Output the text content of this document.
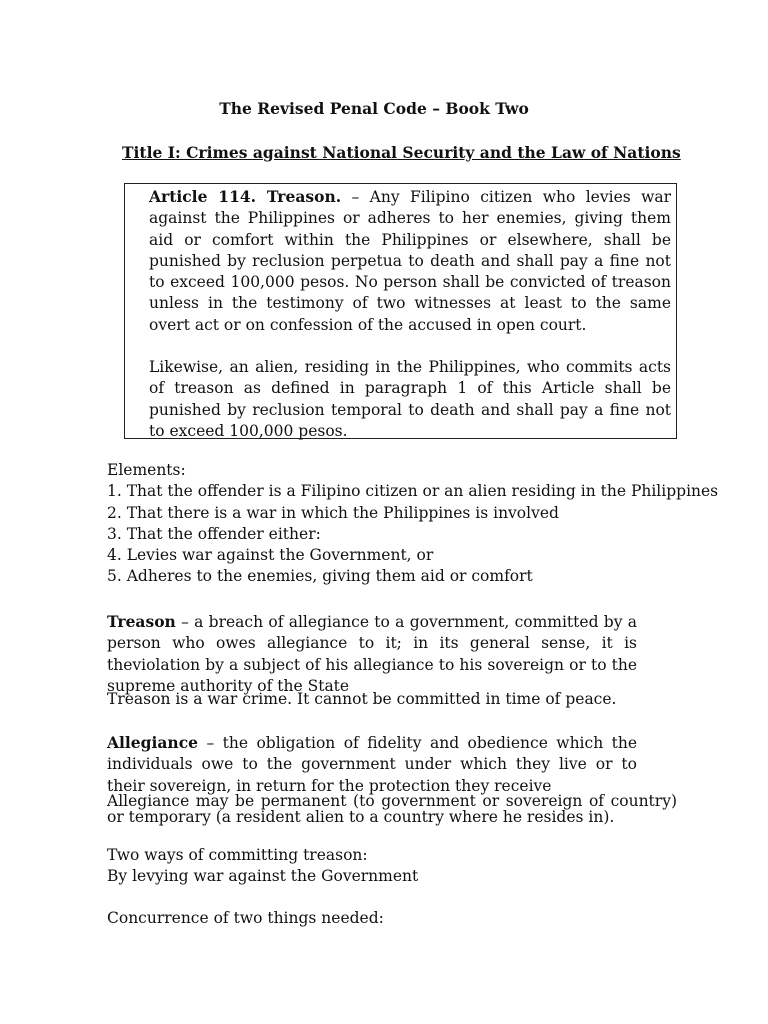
The Revised Penal Code – Book Two
Title I: Crimes against National Security and the Law of Nations

Article 114. Treason. – Any Filipino citizen who levies war against the Philippines or adheres to her enemies, giving them aid or comfort within the Philippines or elsewhere, shall be punished by reclusion perpetua to death and shall pay a fine not to exceed 100,000 pesos. No person shall be convicted of treason unless in the testimony of two witnesses at least to the same overt act or on confession of the accused in open court.

Likewise, an alien, residing in the Philippines, who commits acts of treason as defined in paragraph 1 of this Article shall be punished by reclusion temporal to death and shall pay a fine not to exceed 100,000 pesos.

Elements:

1. That the offender is a Filipino citizen or an alien residing in the Philippines

2. That there is a war in which the Philippines is involved

3. That the offender either:

4. Levies war against the Government, or

5. Adheres to the enemies, giving them aid or comfort

Treason – a breach of allegiance to a government, committed by a person who owes allegiance to it; in its general sense, it is theviolation by a subject of his allegiance to his sovereign or to the supreme authority of the State

Treason is a war crime. It cannot be committed in time of peace.

Allegiance – the obligation of fidelity and obedience which the individuals owe to the government under which they live or to their sovereign, in return for the protection they receive

Allegiance may be permanent (to government or sovereign of country) or temporary (a resident alien to a country where he resides in).

Two ways of committing treason:

By levying war against the Government

Concurrence of two things needed:
